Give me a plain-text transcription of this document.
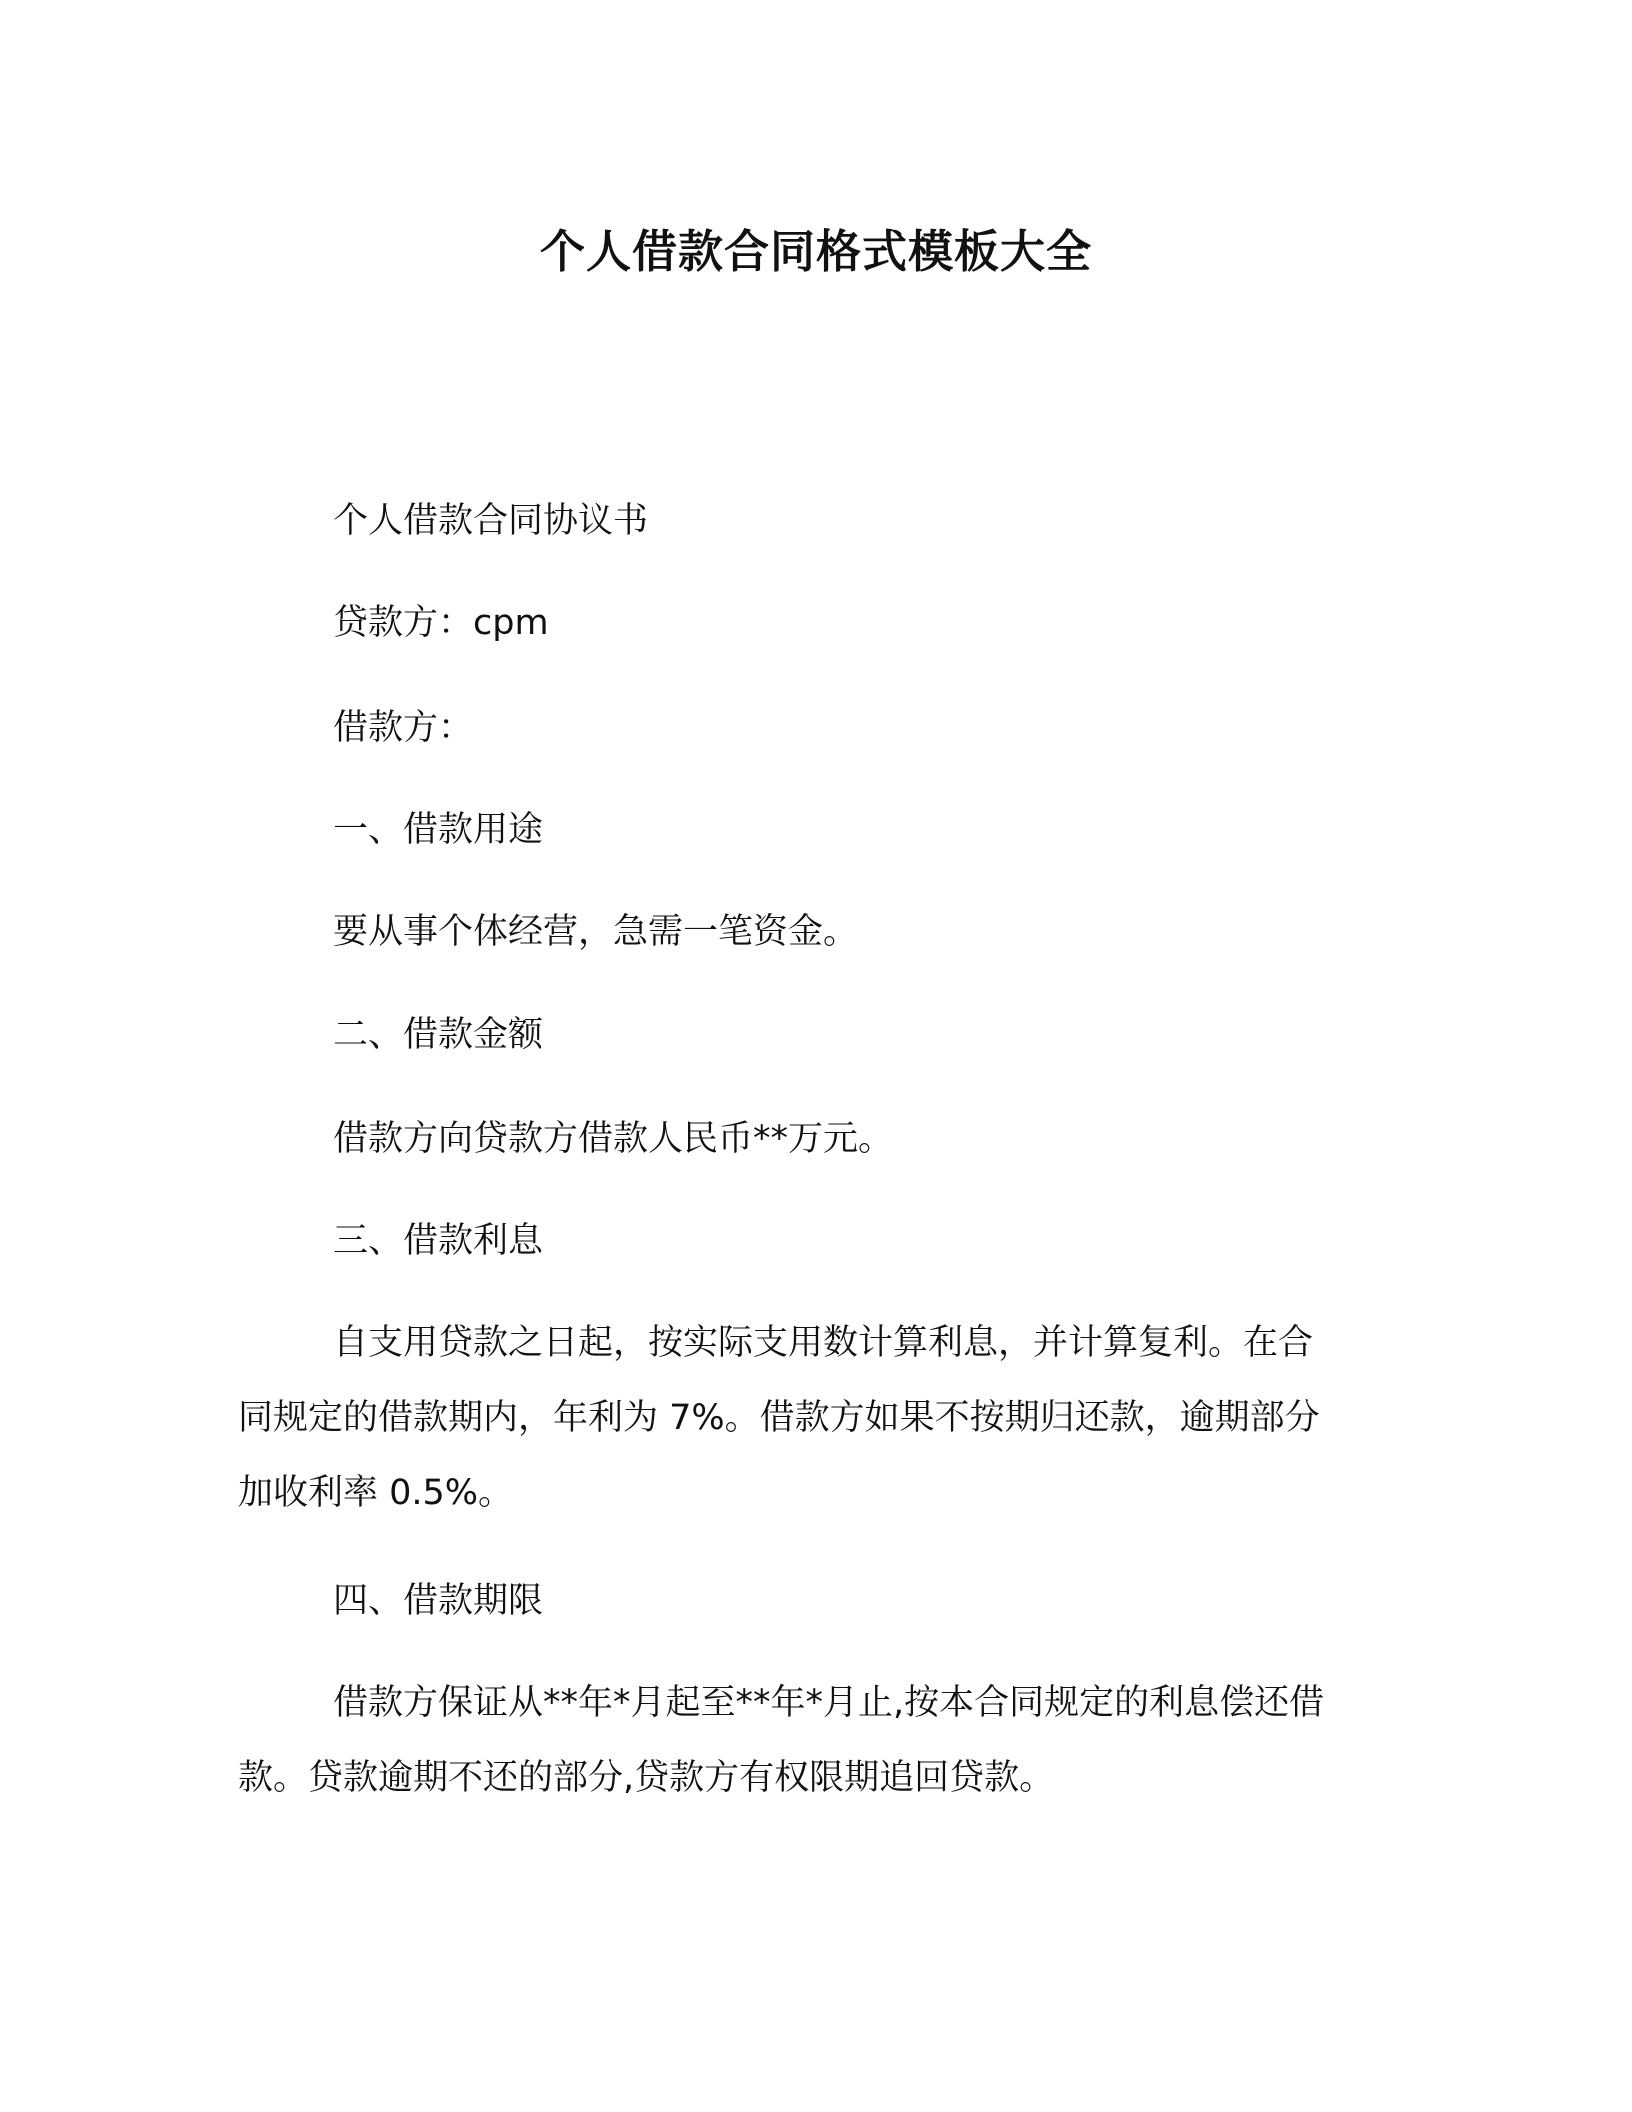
个人借款合同格式模板大全

个人借款合同协议书

贷款方：cpm

借款方：

一、借款用途

要从事个体经营，急需一笔资金。

二、借款金额

借款方向贷款方借款人民币**万元。

三、借款利息

自支用贷款之日起，按实际支用数计算利息，并计算复利。在合
同规定的借款期内，年利为 7%。借款方如果不按期归还款，逾期部分
加收利率 0.5%。

四、借款期限

借款方保证从**年*月起至**年*月止,按本合同规定的利息偿还借
款。贷款逾期不还的部分,贷款方有权限期追回贷款。
